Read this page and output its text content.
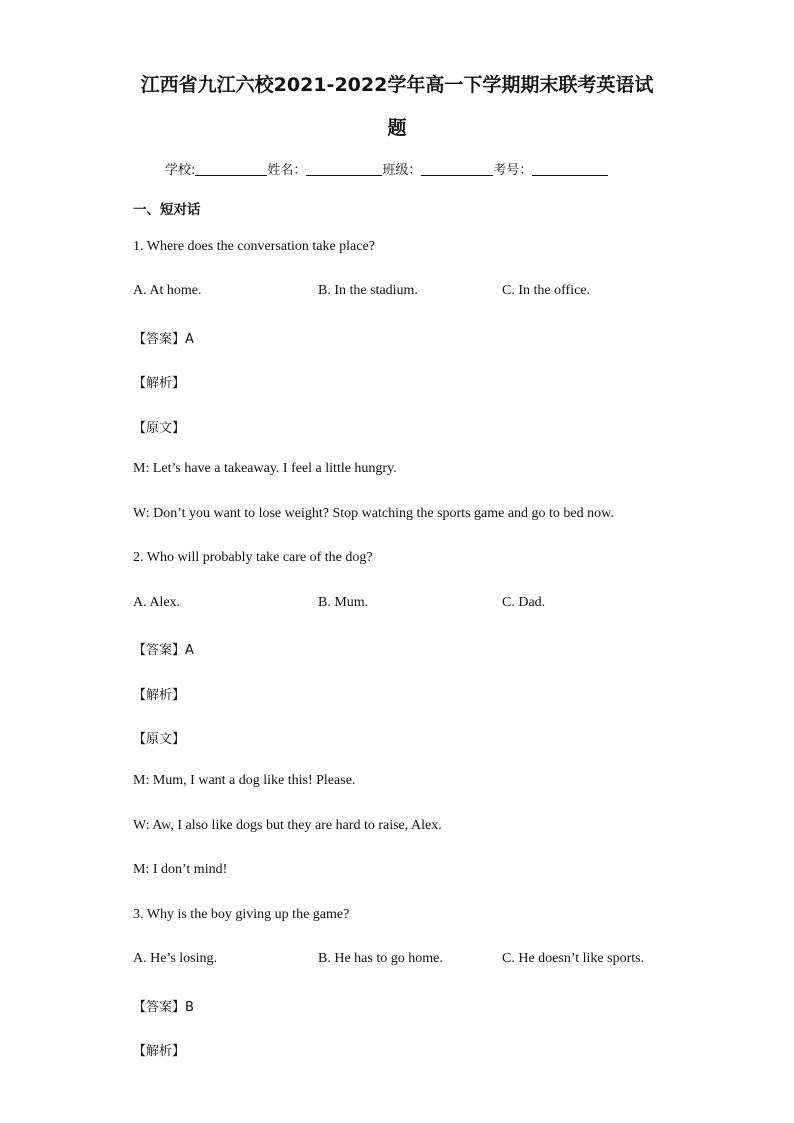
江西省九江六校2021-2022学年高一下学期期末联考英语试
题
学校:	姓名：	班级：	考号：
一、短对话
1. Where does the conversation take place?
A. At home.	B. In the stadium.	C. In the office.
【答案】A
【解析】
【原文】
M: Let’s have a takeaway. I feel a little hungry.
W: Don’t you want to lose weight? Stop watching the sports game and go to bed now.
2. Who will probably take care of the dog?
A. Alex.	B. Mum.	C. Dad.
【答案】A
【解析】
【原文】
M: Mum, I want a dog like this! Please.
W: Aw, I also like dogs but they are hard to raise, Alex.
M: I don’t mind!
3. Why is the boy giving up the game?
A. He’s losing.	B. He has to go home.	C. He doesn’t like sports.
【答案】B
【解析】
